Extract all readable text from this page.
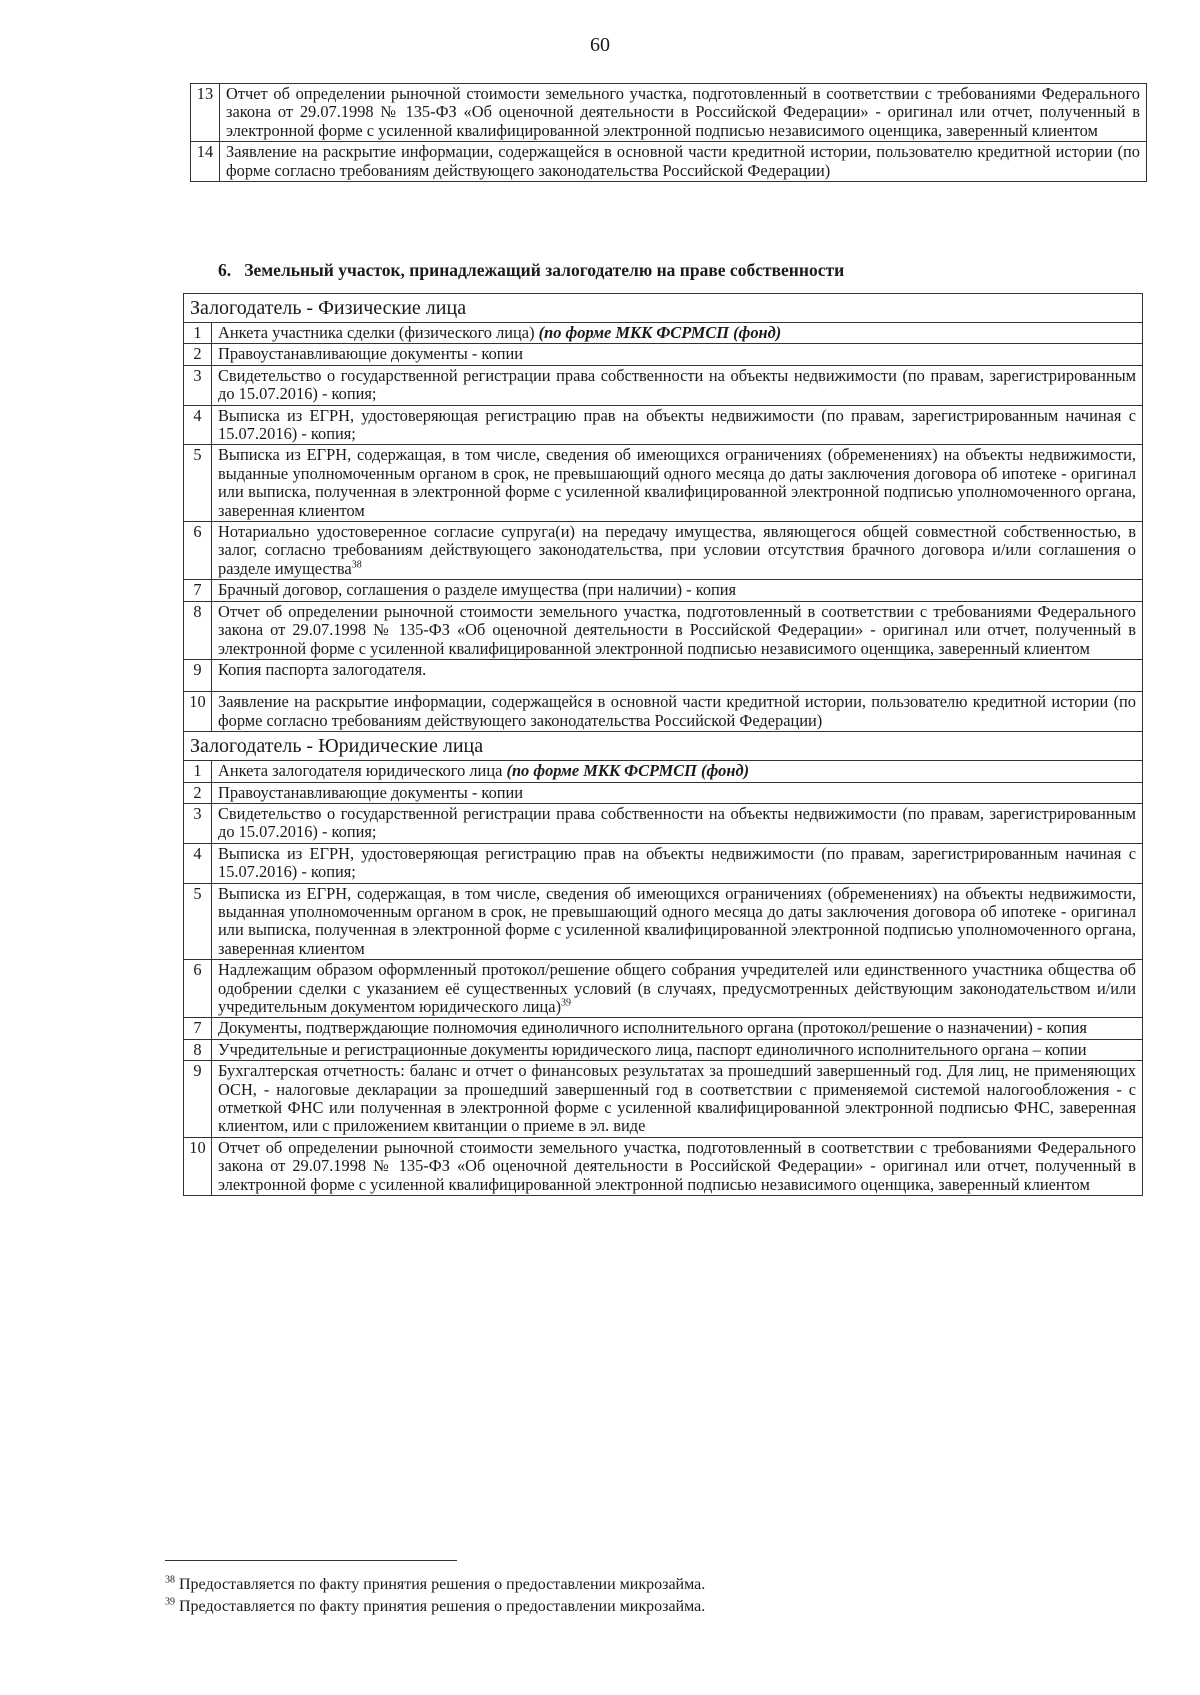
60
13	Отчет об определении рыночной стоимости земельного участка, подготовленный в соответствии с требованиями Федерального закона от 29.07.1998 № 135-ФЗ «Об оценочной деятельности в Российской Федерации» - оригинал или отчет, полученный в электронной форме с усиленной квалифицированной электронной подписью независимого оценщика, заверенный клиентом
14	Заявление на раскрытие информации, содержащейся в основной части кредитной истории, пользователю кредитной истории (по форме согласно требованиям действующего законодательства Российской Федерации)
6. Земельный участок, принадлежащий залогодателю на праве собственности
Залогодатель - Физические лица	
1	Анкета участника сделки (физического лица) (по форме МКК ФСРМСП (фонд)
2	Правоустанавливающие документы - копии
3	Свидетельство о государственной регистрации права собственности на объекты недвижимости (по правам, зарегистрированным до 15.07.2016) - копия;
4	Выписка из ЕГРН, удостоверяющая регистрацию прав на объекты недвижимости (по правам, зарегистрированным начиная с 15.07.2016) - копия;
5	Выписка из ЕГРН, содержащая, в том числе, сведения об имеющихся ограничениях (обременениях) на объекты недвижимости, выданные уполномоченным органом в срок, не превышающий одного месяца до даты заключения договора об ипотеке - оригинал или выписка, полученная в электронной форме с усиленной квалифицированной электронной подписью уполномоченного органа, заверенная клиентом
6	Нотариально удостоверенное согласие супруга(и) на передачу имущества, являющегося общей совместной собственностью, в залог, согласно требованиям действующего законодательства, при условии отсутствия брачного договора и/или соглашения о разделе имущества$^{38}$
7	Брачный договор, соглашения о разделе имущества (при наличии) - копия
8	Отчет об определении рыночной стоимости земельного участка, подготовленный в соответствии с требованиями Федерального закона от 29.07.1998 № 135-ФЗ «Об оценочной деятельности в Российской Федерации» - оригинал или отчет, полученный в электронной форме с усиленной квалифицированной электронной подписью независимого оценщика, заверенный клиентом
9	Копия паспорта залогодателя.
10	Заявление на раскрытие информации, содержащейся в основной части кредитной истории, пользователю кредитной истории (по форме согласно требованиям действующего законодательства Российской Федерации)
Залогодатель - Юридические лица	
1	Анкета залогодателя юридического лица (по форме МКК ФСРМСП (фонд)
2	Правоустанавливающие документы - копии
3	Свидетельство о государственной регистрации права собственности на объекты недвижимости (по правам, зарегистрированным до 15.07.2016) - копия;
4	Выписка из ЕГРН, удостоверяющая регистрацию прав на объекты недвижимости (по правам, зарегистрированным начиная с 15.07.2016) - копия;
5	Выписка из ЕГРН, содержащая, в том числе, сведения об имеющихся ограничениях (обременениях) на объекты недвижимости, выданная уполномоченным органом в срок, не превышающий одного месяца до даты заключения договора об ипотеке - оригинал или выписка, полученная в электронной форме с усиленной квалифицированной электронной подписью уполномоченного органа, заверенная клиентом
6	Надлежащим образом оформленный протокол/решение общего собрания учредителей или единственного участника общества об одобрении сделки с указанием её существенных условий (в случаях, предусмотренных действующим законодательством и/или учредительным документом юридического лица)$^{39}$
7	Документы, подтверждающие полномочия единоличного исполнительного органа (протокол/решение о назначении) - копия
8	Учредительные и регистрационные документы юридического лица, паспорт единоличного исполнительного органа – копии
9	Бухгалтерская отчетность: баланс и отчет о финансовых результатах за прошедший завершенный год. Для лиц, не применяющих ОСН, - налоговые декларации за прошедший завершенный год в соответствии с применяемой системой налогообложения - с отметкой ФНС или полученная в электронной форме с усиленной квалифицированной электронной подписью ФНС, заверенная клиентом, или с приложением квитанции о приеме в эл. виде
10	Отчет об определении рыночной стоимости земельного участка, подготовленный в соответствии с требованиями Федерального закона от 29.07.1998 № 135-ФЗ «Об оценочной деятельности в Российской Федерации» - оригинал или отчет, полученный в электронной форме с усиленной квалифицированной электронной подписью независимого оценщика, заверенный клиентом
$^{38}$ Предоставляется по факту принятия решения о предоставлении микрозайма.
$^{39}$ Предоставляется по факту принятия решения о предоставлении микрозайма.
